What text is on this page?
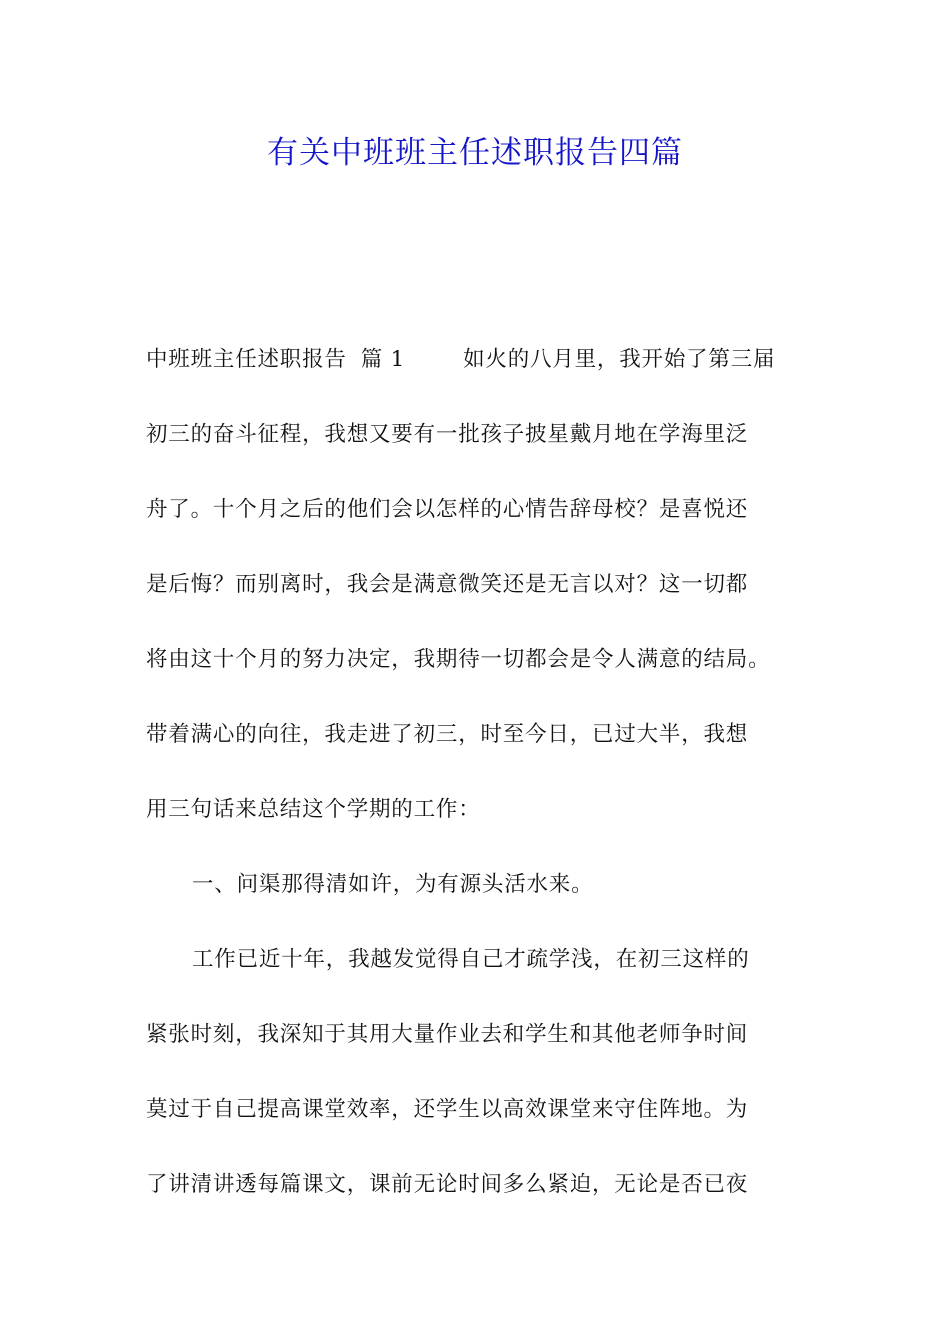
有关中班班主任述职报告四篇
中班班主任述职报告 篇 1	如火的八月里，我开始了第三届
初三的奋斗征程，我想又要有一批孩子披星戴月地在学海里泛
舟了。十个月之后的他们会以怎样的心情告辞母校？是喜悦还
是后悔？而别离时，我会是满意微笑还是无言以对？这一切都
将由这十个月的努力决定，我期待一切都会是令人满意的结局。
带着满心的向往，我走进了初三，时至今日，已过大半，我想
用三句话来总结这个学期的工作：
一、问渠那得清如许，为有源头活水来。
工作已近十年，我越发觉得自己才疏学浅，在初三这样的
紧张时刻，我深知于其用大量作业去和学生和其他老师争时间
莫过于自己提高课堂效率，还学生以高效课堂来守住阵地。为
了讲清讲透每篇课文，课前无论时间多么紧迫，无论是否已夜
